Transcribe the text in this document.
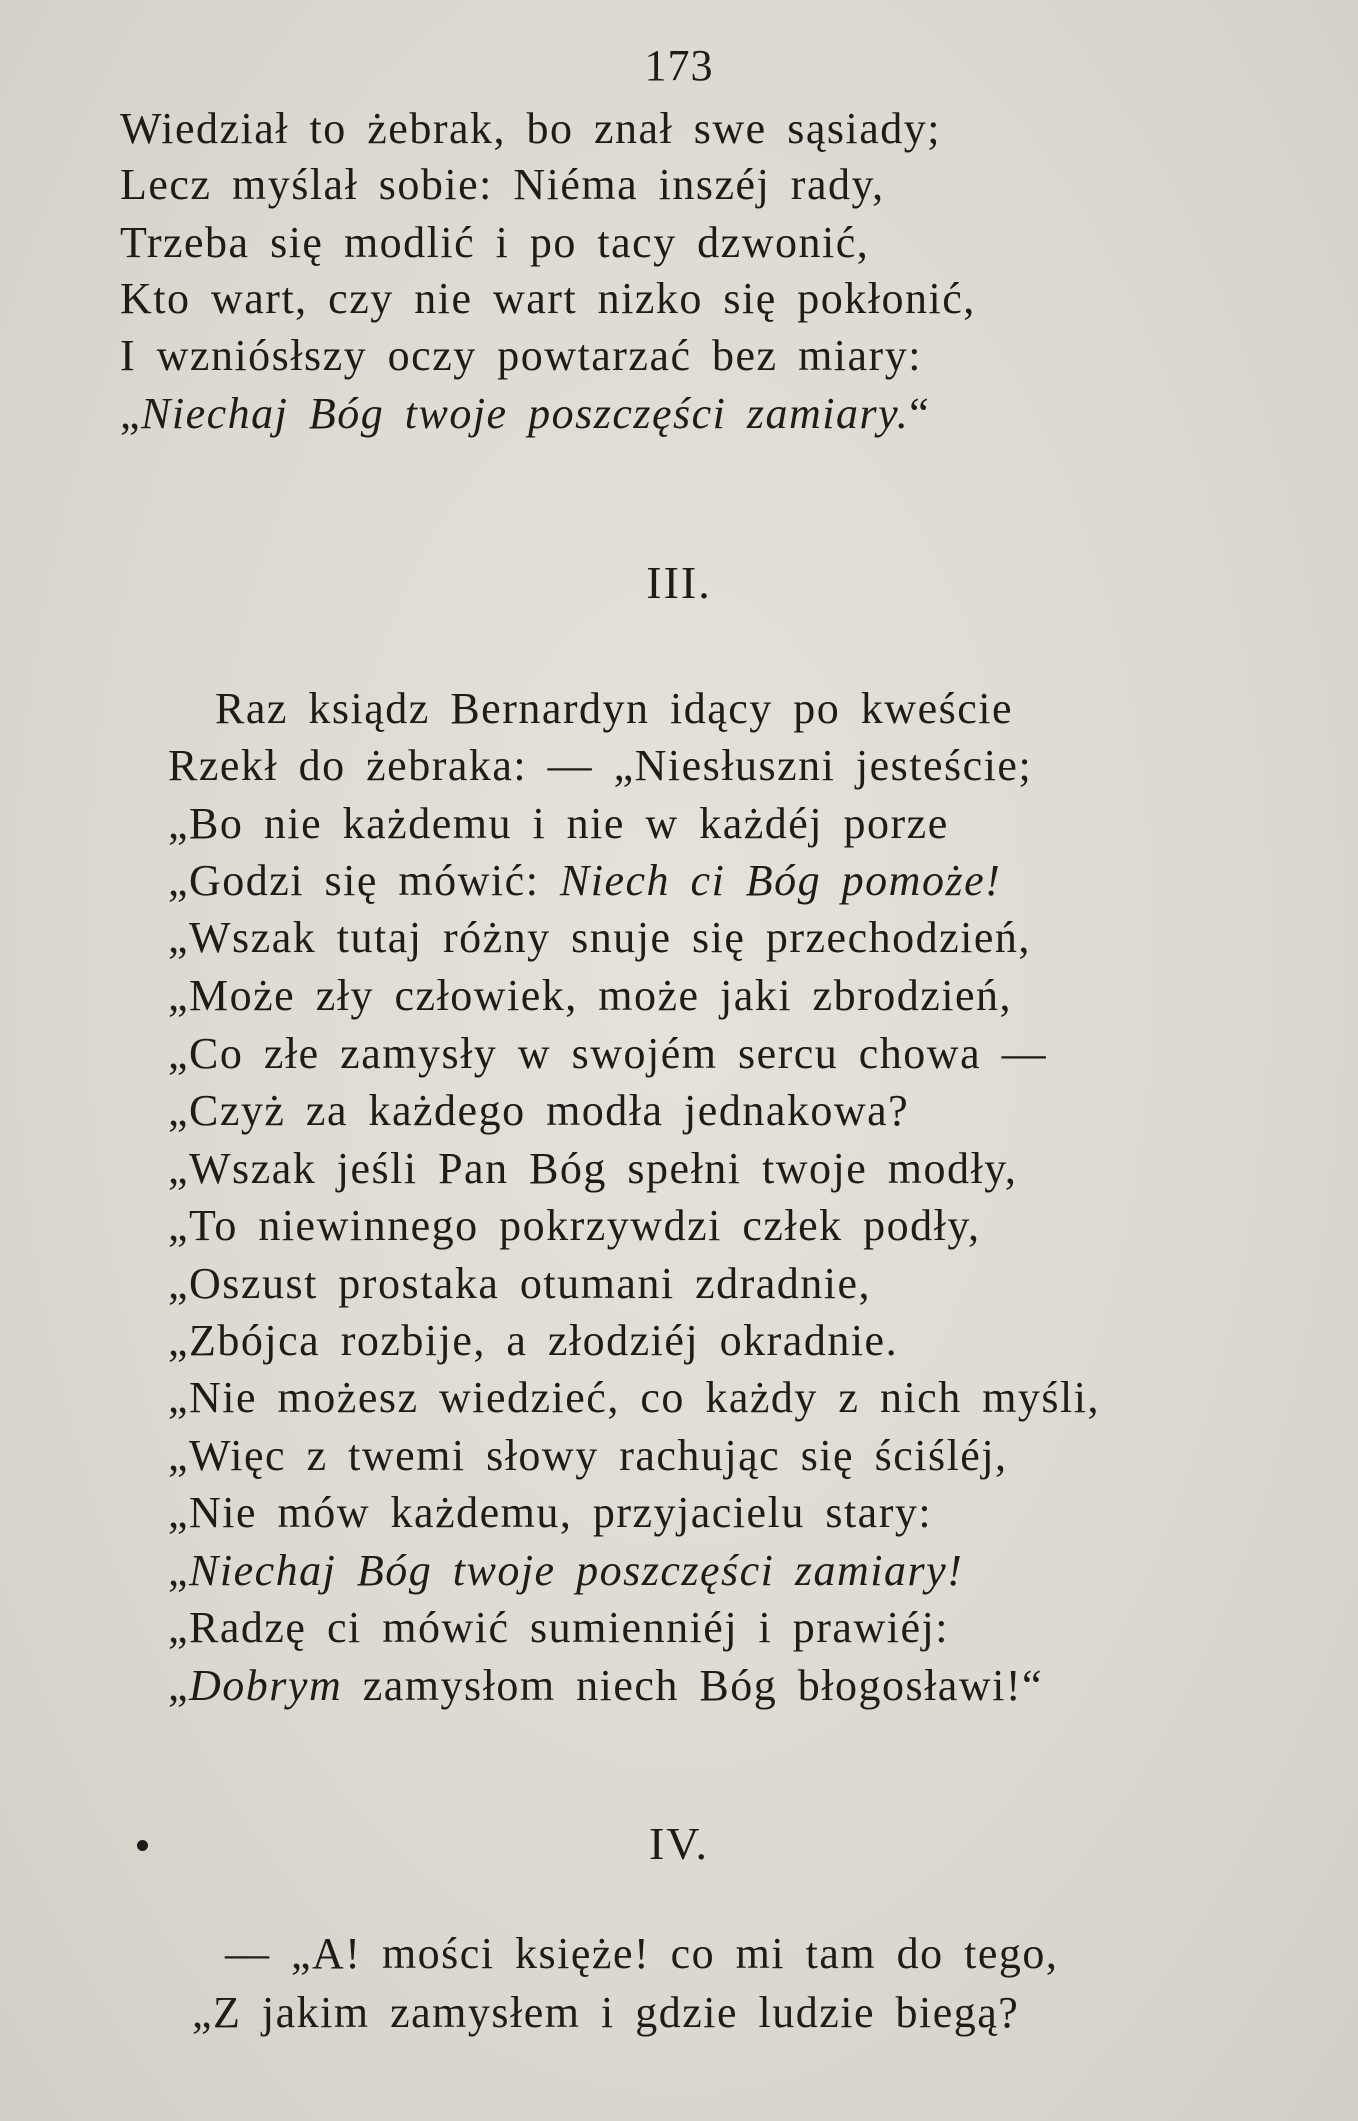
173
Wiedział to żebrak, bo znał swe sąsiady;
Lecz myślał sobie: Niéma inszéj rady,
Trzeba się modlić i po tacy dzwonić,
Kto wart, czy nie wart nizko się pokłonić,
I wzniósłszy oczy powtarzać bez miary:
„Niechaj Bóg twoje poszczęści zamiary.“
III.
Raz ksiądz Bernardyn idący po kweście
Rzekł do żebraka: — „Niesłuszni jesteście;
„Bo nie każdemu i nie w każdéj porze
„Godzi się mówić: Niech ci Bóg pomoże!
„Wszak tutaj różny snuje się przechodzień,
„Może zły człowiek, może jaki zbrodzień,
„Co złe zamysły w swojém sercu chowa —
„Czyż za każdego modła jednakowa?
„Wszak jeśli Pan Bóg spełni twoje modły,
„To niewinnego pokrzywdzi człek podły,
„Oszust prostaka otumani zdradnie,
„Zbójca rozbije, a złodziéj okradnie.
„Nie możesz wiedzieć, co każdy z nich myśli,
„Więc z twemi słowy rachując się ściśléj,
„Nie mów każdemu, przyjacielu stary:
„Niechaj Bóg twoje poszczęści zamiary!
„Radzę ci mówić sumienniéj i prawiéj:
„Dobrym zamysłom niech Bóg błogosławi!“
IV.
— „A! mości księże! co mi tam do tego,
„Z jakim zamysłem i gdzie ludzie biegą?
